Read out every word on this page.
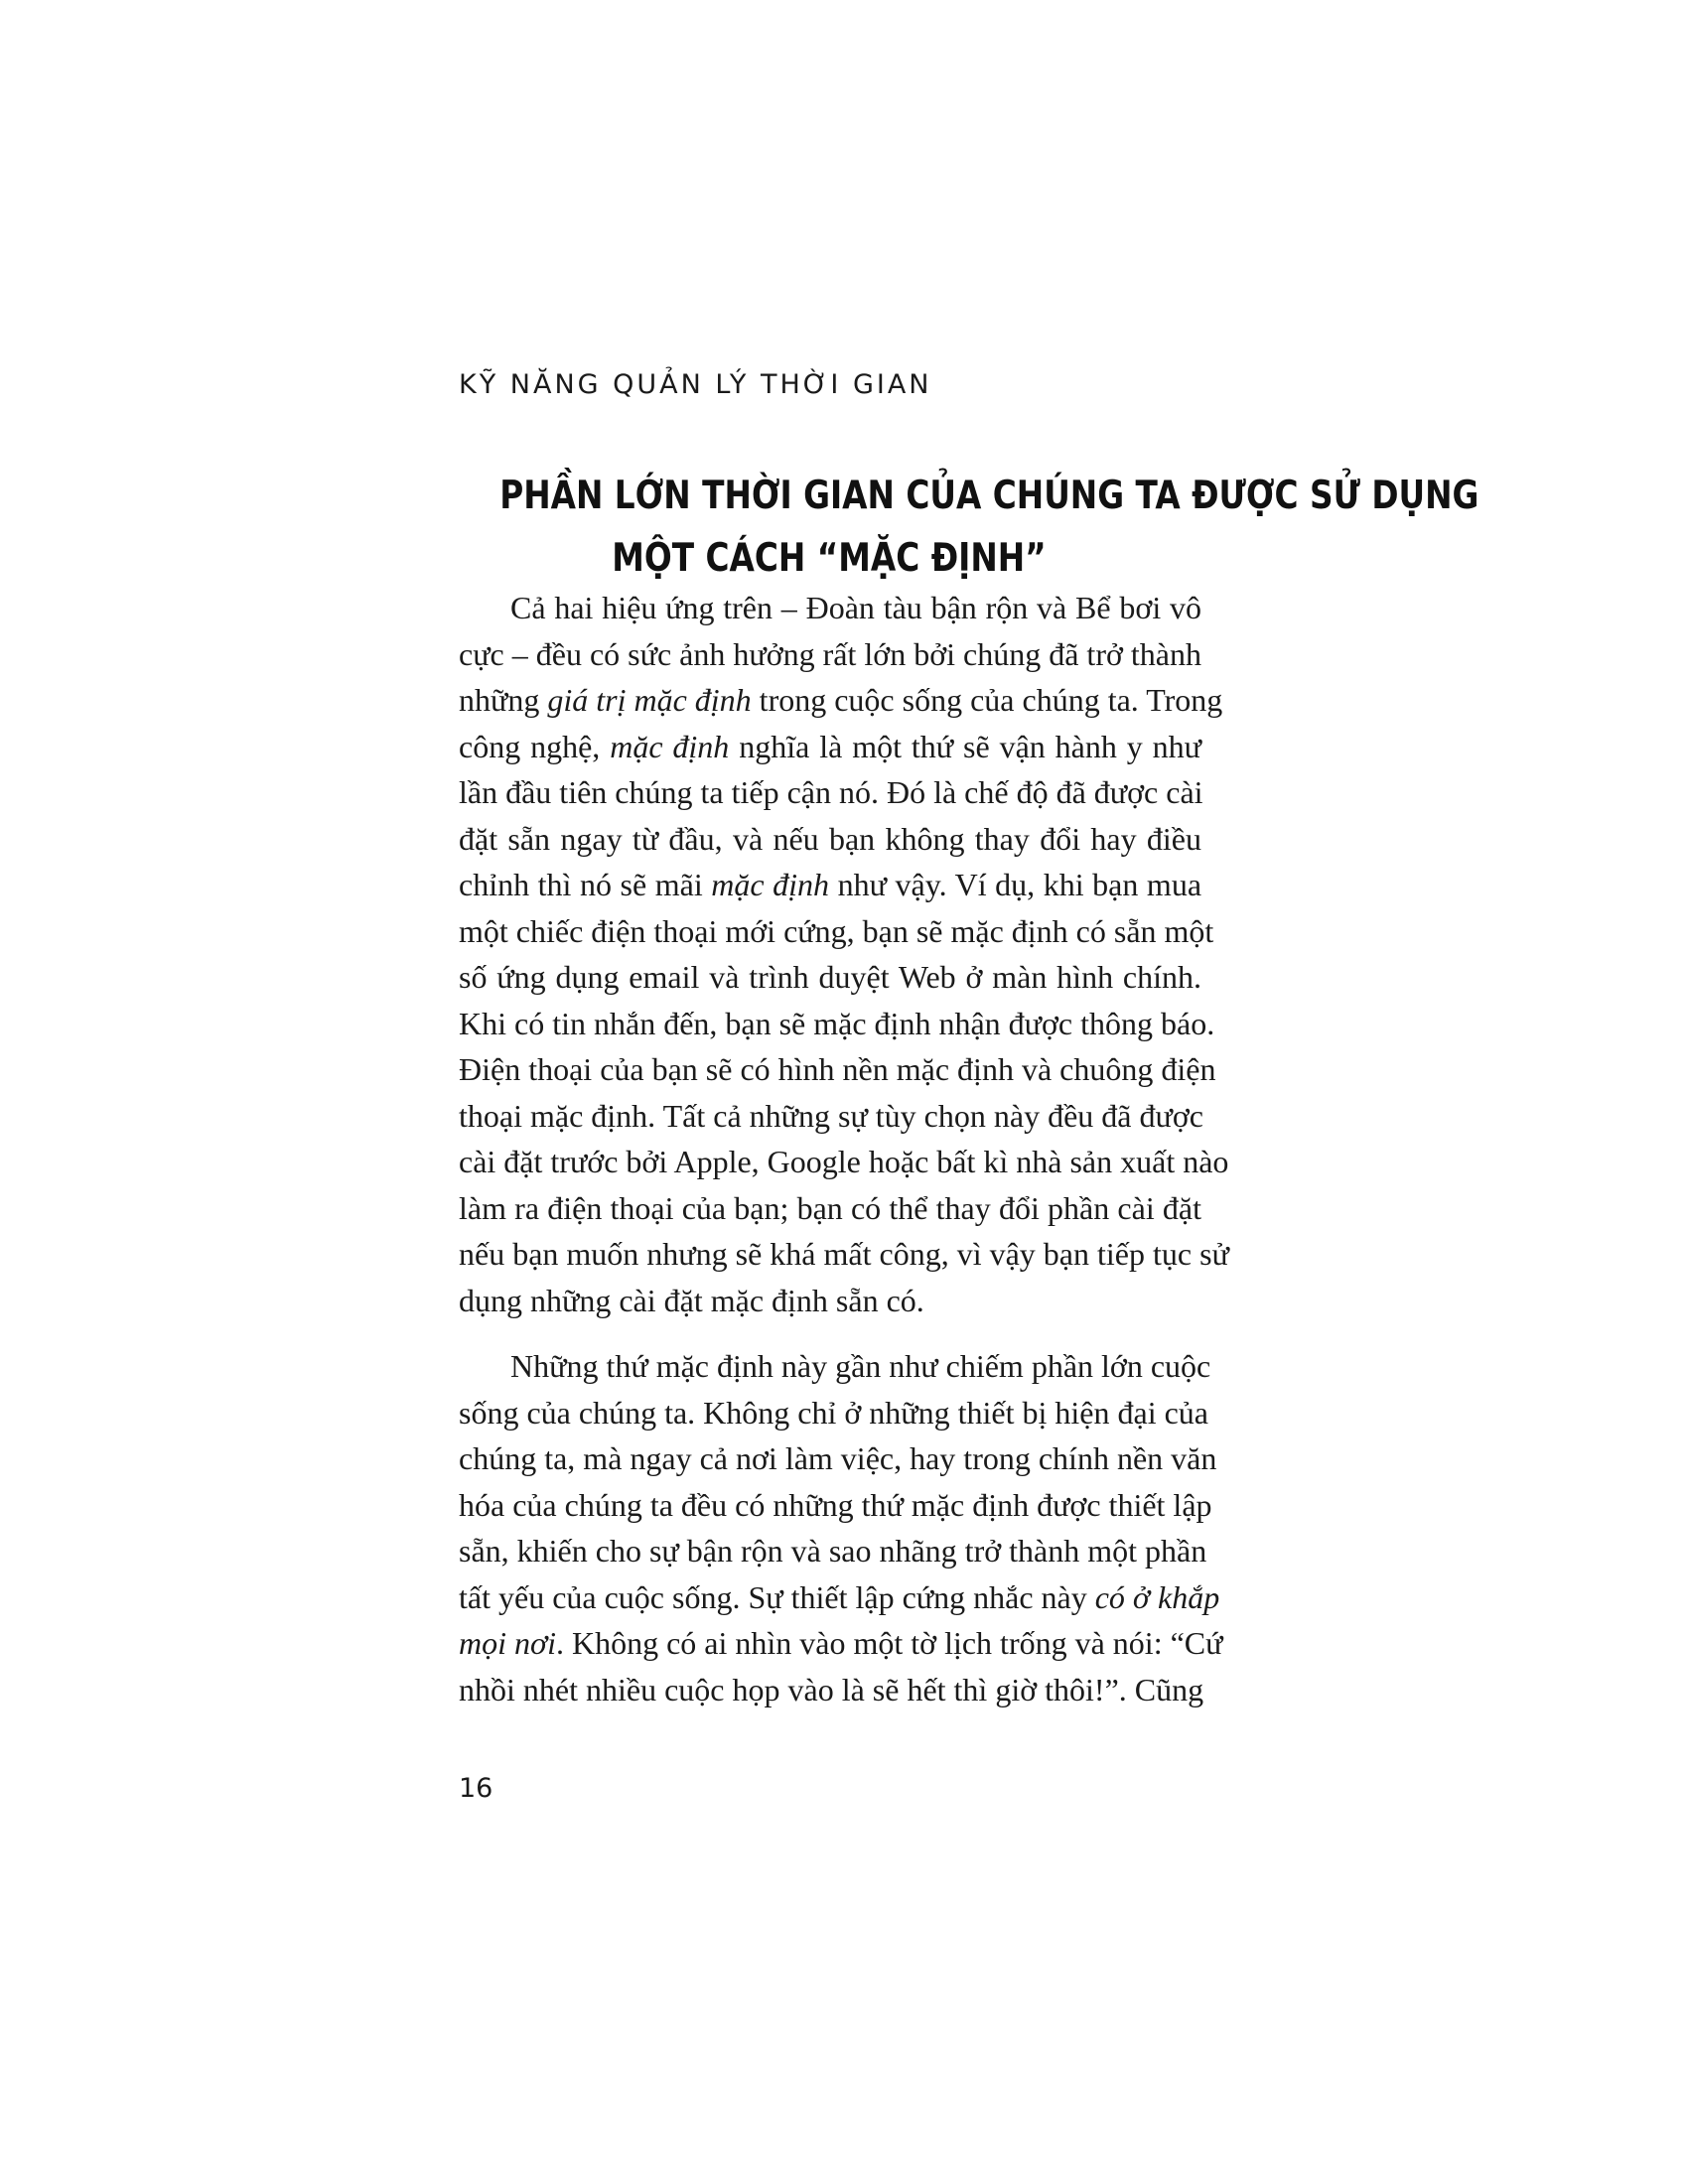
KỸ NĂNG QUẢN LÝ THỜI GIAN
PHẦN LỚN THỜI GIAN CỦA CHÚNG TA ĐƯỢC SỬ DỤNG
MỘT CÁCH “MẶC ĐỊNH”
Cả hai hiệu ứng trên – Đoàn tàu bận rộn và Bể bơi vô
cực – đều có sức ảnh hưởng rất lớn bởi chúng đã trở thành
những giá trị mặc định trong cuộc sống của chúng ta. Trong
công nghệ, mặc định nghĩa là một thứ sẽ vận hành y như
lần đầu tiên chúng ta tiếp cận nó. Đó là chế độ đã được cài
đặt sẵn ngay từ đầu, và nếu bạn không thay đổi hay điều
chỉnh thì nó sẽ mãi mặc định như vậy. Ví dụ, khi bạn mua
một chiếc điện thoại mới cứng, bạn sẽ mặc định có sẵn một
số ứng dụng email và trình duyệt Web ở màn hình chính.
Khi có tin nhắn đến, bạn sẽ mặc định nhận được thông báo.
Điện thoại của bạn sẽ có hình nền mặc định và chuông điện
thoại mặc định. Tất cả những sự tùy chọn này đều đã được
cài đặt trước bởi Apple, Google hoặc bất kì nhà sản xuất nào
làm ra điện thoại của bạn; bạn có thể thay đổi phần cài đặt
nếu bạn muốn nhưng sẽ khá mất công, vì vậy bạn tiếp tục sử
dụng những cài đặt mặc định sẵn có.
Những thứ mặc định này gần như chiếm phần lớn cuộc
sống của chúng ta. Không chỉ ở những thiết bị hiện đại của
chúng ta, mà ngay cả nơi làm việc, hay trong chính nền văn
hóa của chúng ta đều có những thứ mặc định được thiết lập
sẵn, khiến cho sự bận rộn và sao nhãng trở thành một phần
tất yếu của cuộc sống. Sự thiết lập cứng nhắc này có ở khắp
mọi nơi. Không có ai nhìn vào một tờ lịch trống và nói: “Cứ
nhồi nhét nhiều cuộc họp vào là sẽ hết thì giờ thôi!”. Cũng
16
